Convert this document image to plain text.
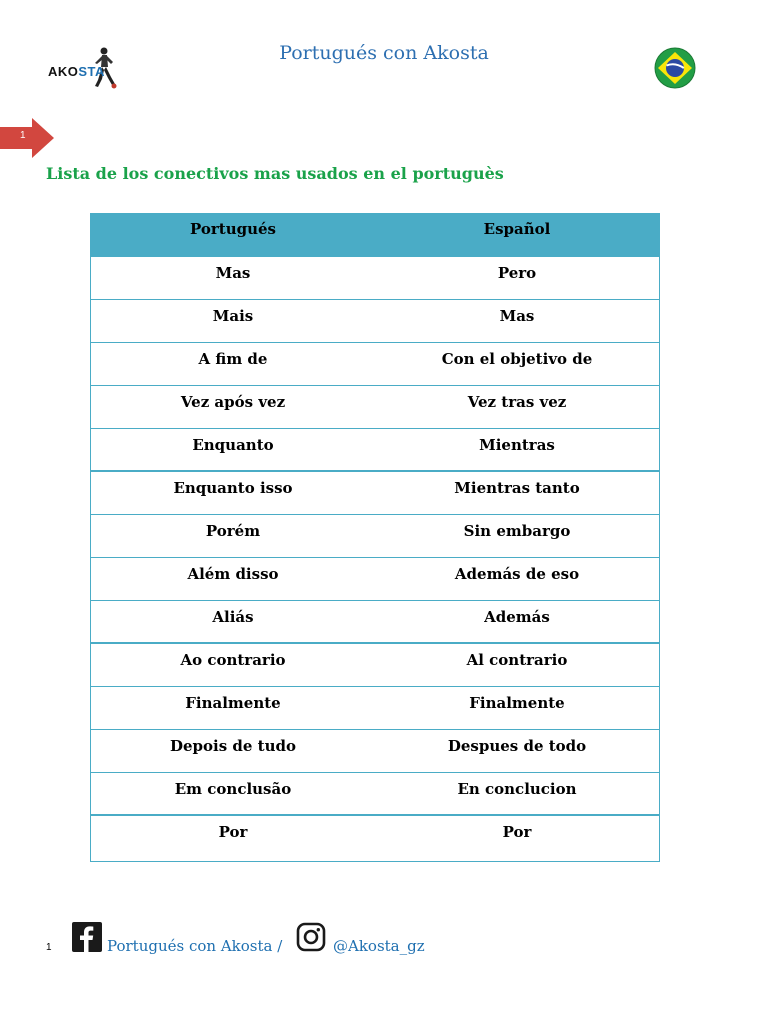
AKOSTA
Portugués con Akosta
1
Lista de los conectivos mas usados en el portuguès
Portugués	Español
Mas	Pero
Mais	Mas
A fim de	Con el objetivo de
Vez após vez	Vez tras vez
Enquanto	Mientras
Enquanto isso	Mientras tanto
Porém	Sin embargo
Além disso	Además de eso
Aliás	Además
Ao contrario	Al contrario
Finalmente	Finalmente
Depois de tudo	Despues de todo
Em conclusão	En conclucion
Por	Por
1	Portugués con Akosta /	@Akosta_gz
